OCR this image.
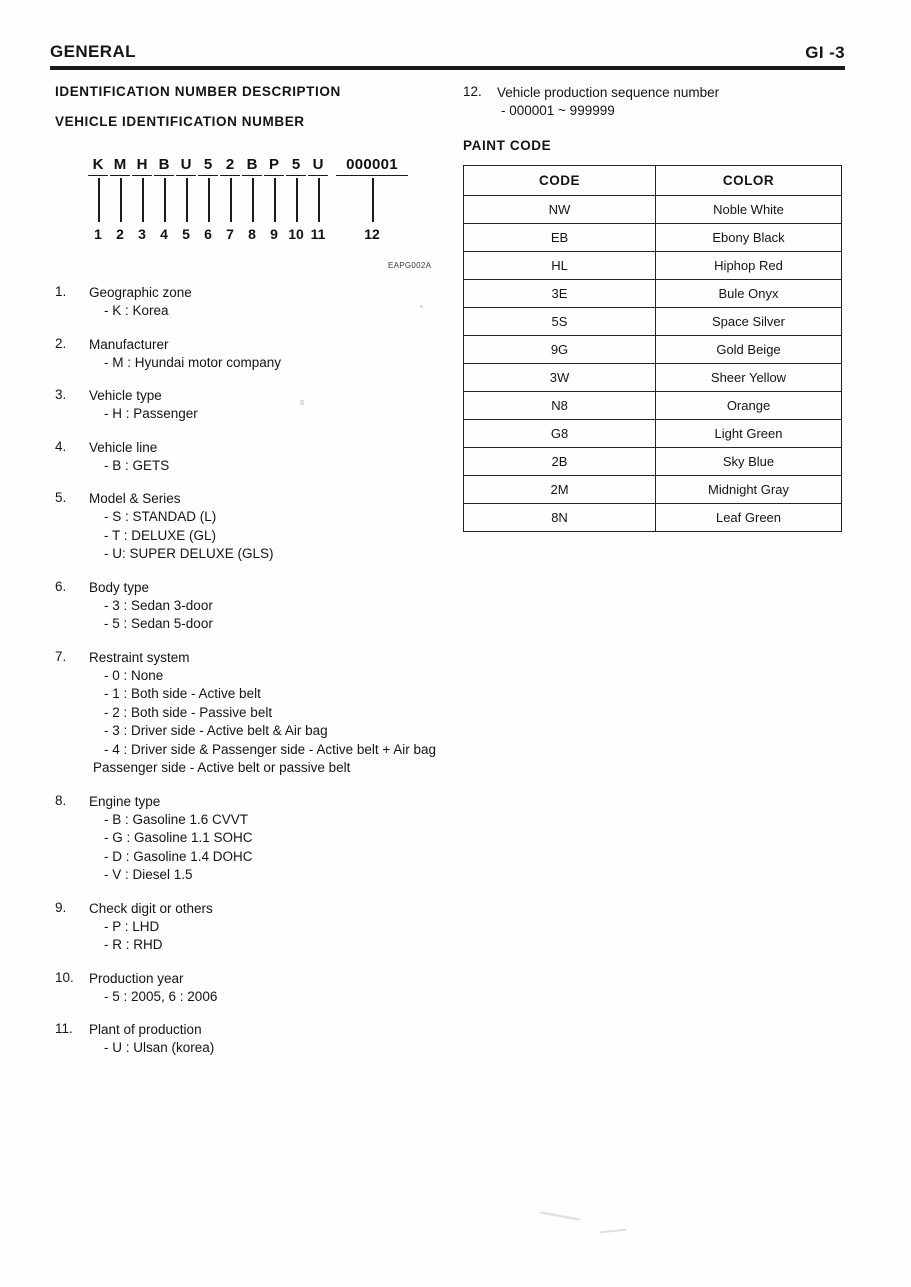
GENERAL	GI -3
IDENTIFICATION NUMBER DESCRIPTION
VEHICLE IDENTIFICATION NUMBER
K M H B U 5 2 B P 5 U	000001
1	2	3	4	5	6	7	8	9 10 11	12
EAPG002A
1.	Geographic zone
- K : Korea
2.	Manufacturer
- M : Hyundai motor company
3.	Vehicle type
- H : Passenger
4.	Vehicle line
- B : GETS
5.	Model & Series
- S : STANDAD (L)
- T : DELUXE (GL)
- U: SUPER DELUXE (GLS)
6.	Body type
- 3 : Sedan 3-door
- 5 : Sedan 5-door
7.	Restraint system
- 0 : None
- 1 : Both side - Active belt
- 2 : Both side - Passive belt
- 3 : Driver side - Active belt & Air bag
- 4 : Driver side & Passenger side - Active belt + Air bag
Passenger side - Active belt or passive belt
8.	Engine type
- B : Gasoline 1.6 CVVT
- G : Gasoline 1.1 SOHC
- D : Gasoline 1.4 DOHC
- V : Diesel 1.5
9.	Check digit or others
- P : LHD
- R : RHD
10.	Production year
- 5 : 2005, 6 : 2006
11.	Plant of production
- U : Ulsan (korea)
12.	Vehicle production sequence number
- 000001 ~ 999999
PAINT CODE
CODE	COLOR
NW	Noble White
EB	Ebony Black
HL	Hiphop Red
3E	Bule Onyx
5S	Space Silver
9G	Gold Beige
3W	Sheer Yellow
N8	Orange
G8	Light Green
2B	Sky Blue
2M	Midnight Gray
8N	Leaf Green
